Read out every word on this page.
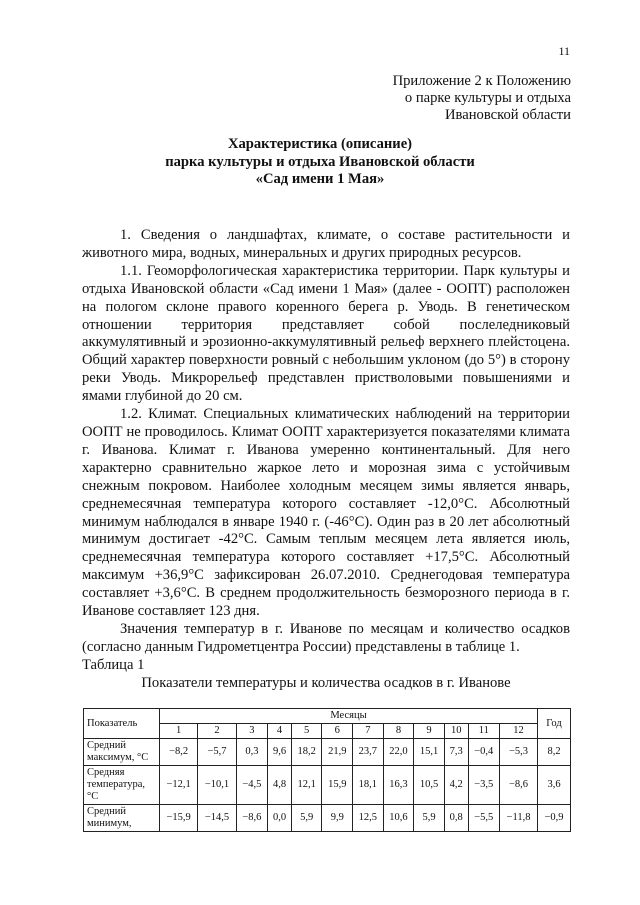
11
Приложение 2 к Положению
о парке культуры и отдыха
Ивановской области
Характеристика (описание)
парка культуры и отдыха Ивановской области
«Сад имени 1 Мая»

1. Сведения о ландшафтах, климате, о составе растительности и животного мира, водных, минеральных и других природных ресурсов.

1.1. Геоморфологическая характеристика территории. Парк культуры и отдыха Ивановской области «Сад имени 1 Мая» (далее - ООПТ) расположен на пологом склоне правого коренного берега р. Уводь. В генетическом отношении территория представляет собой послеледниковый аккумулятивный и эрозионно-аккумулятивный рельеф верхнего плейстоцена. Общий характер поверхности ровный с небольшим уклоном (до 5°) в сторону реки Уводь. Микрорельеф представлен пристволовыми повышениями и ямами глубиной до 20 см.

1.2. Климат. Специальных климатических наблюдений на территории ООПТ не проводилось. Климат ООПТ характеризуется показателями климата г. Иванова. Климат г. Иванова умеренно континентальный. Для него характерно сравнительно жаркое лето и морозная зима с устойчивым снежным покровом. Наиболее холодным месяцем зимы является январь, среднемесячная температура которого составляет -12,0°С. Абсолютный минимум наблюдался в январе 1940 г. (-46°С). Один раз в 20 лет абсолютный минимум достигает -42°С. Самым теплым месяцем лета является июль, среднемесячная температура которого составляет +17,5°С. Абсолютный максимум +36,9°С зафиксирован 26.07.2010. Среднегодовая температура составляет +3,6°С. В среднем продолжительность безморозного периода в г. Иванове составляет 123 дня.

Значения температур в г. Иванове по месяцам и количество осадков (согласно данным Гидрометцентра России) представлены в таблице 1.

Таблица 1

Показатели температуры и количества осадков в г. Иванове

Показатель	Месяцы												Год
	1	2	3	4	5	6	7	8	9	10	11	12	
Средний максимум, °С	−8,2	−5,7	0,3	9,6	18,2	21,9	23,7	22,0	15,1	7,3	−0,4	−5,3	8,2
Средняя температура, °С	−12,1	−10,1	−4,5	4,8	12,1	15,9	18,1	16,3	10,5	4,2	−3,5	−8,6	3,6
Средний минимум,	−15,9	−14,5	−8,6	0,0	5,9	9,9	12,5	10,6	5,9	0,8	−5,5	−11,8	−0,9
